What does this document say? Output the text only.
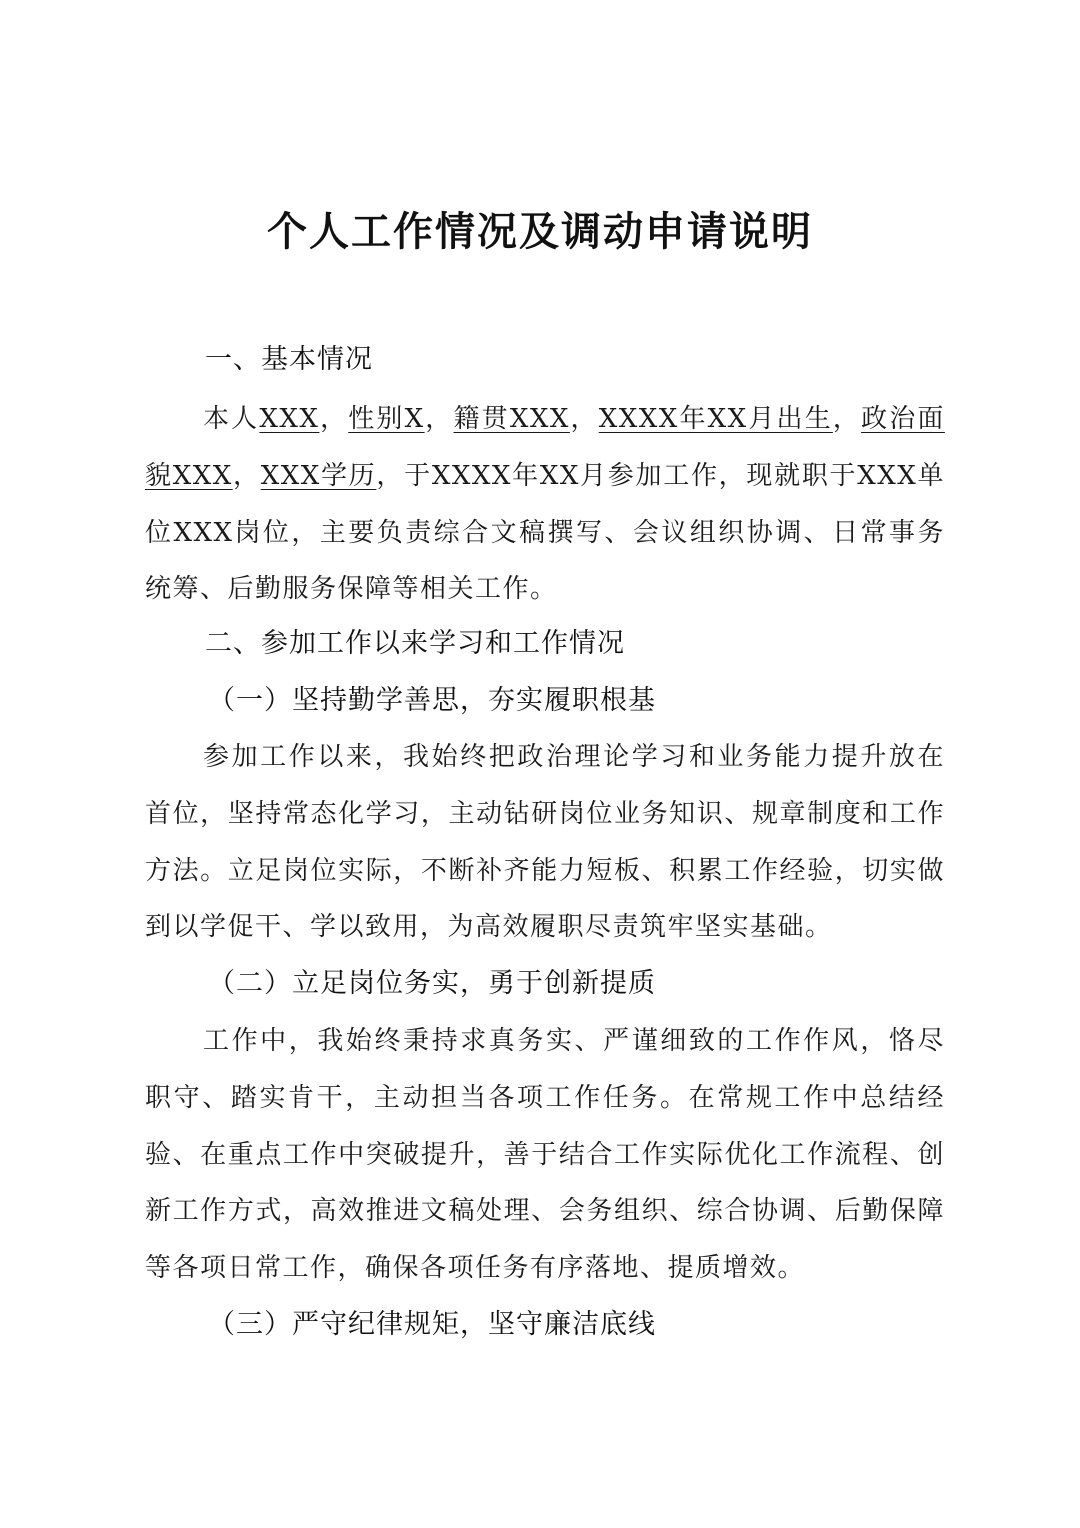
个人工作情况及调动申请说明
一、基本情况
本人XXX，性别X，籍贯XXX，XXXX年XX月出生，政治面貌XXX，XXX学历，于XXXX年XX月参加工作，现就职于XXX单位XXX岗位，主要负责综合文稿撰写、会议组织协调、日常事务统筹、后勤服务保障等相关工作。
二、参加工作以来学习和工作情况
（一）坚持勤学善思，夯实履职根基
参加工作以来，我始终把政治理论学习和业务能力提升放在首位，坚持常态化学习，主动钻研岗位业务知识、规章制度和工作方法。立足岗位实际，不断补齐能力短板、积累工作经验，切实做到以学促干、学以致用，为高效履职尽责筑牢坚实基础。
（二）立足岗位务实，勇于创新提质
工作中，我始终秉持求真务实、严谨细致的工作作风，恪尽职守、踏实肯干，主动担当各项工作任务。在常规工作中总结经验、在重点工作中突破提升，善于结合工作实际优化工作流程、创新工作方式，高效推进文稿处理、会务组织、综合协调、后勤保障等各项日常工作，确保各项任务有序落地、提质增效。
（三）严守纪律规矩，坚守廉洁底线
